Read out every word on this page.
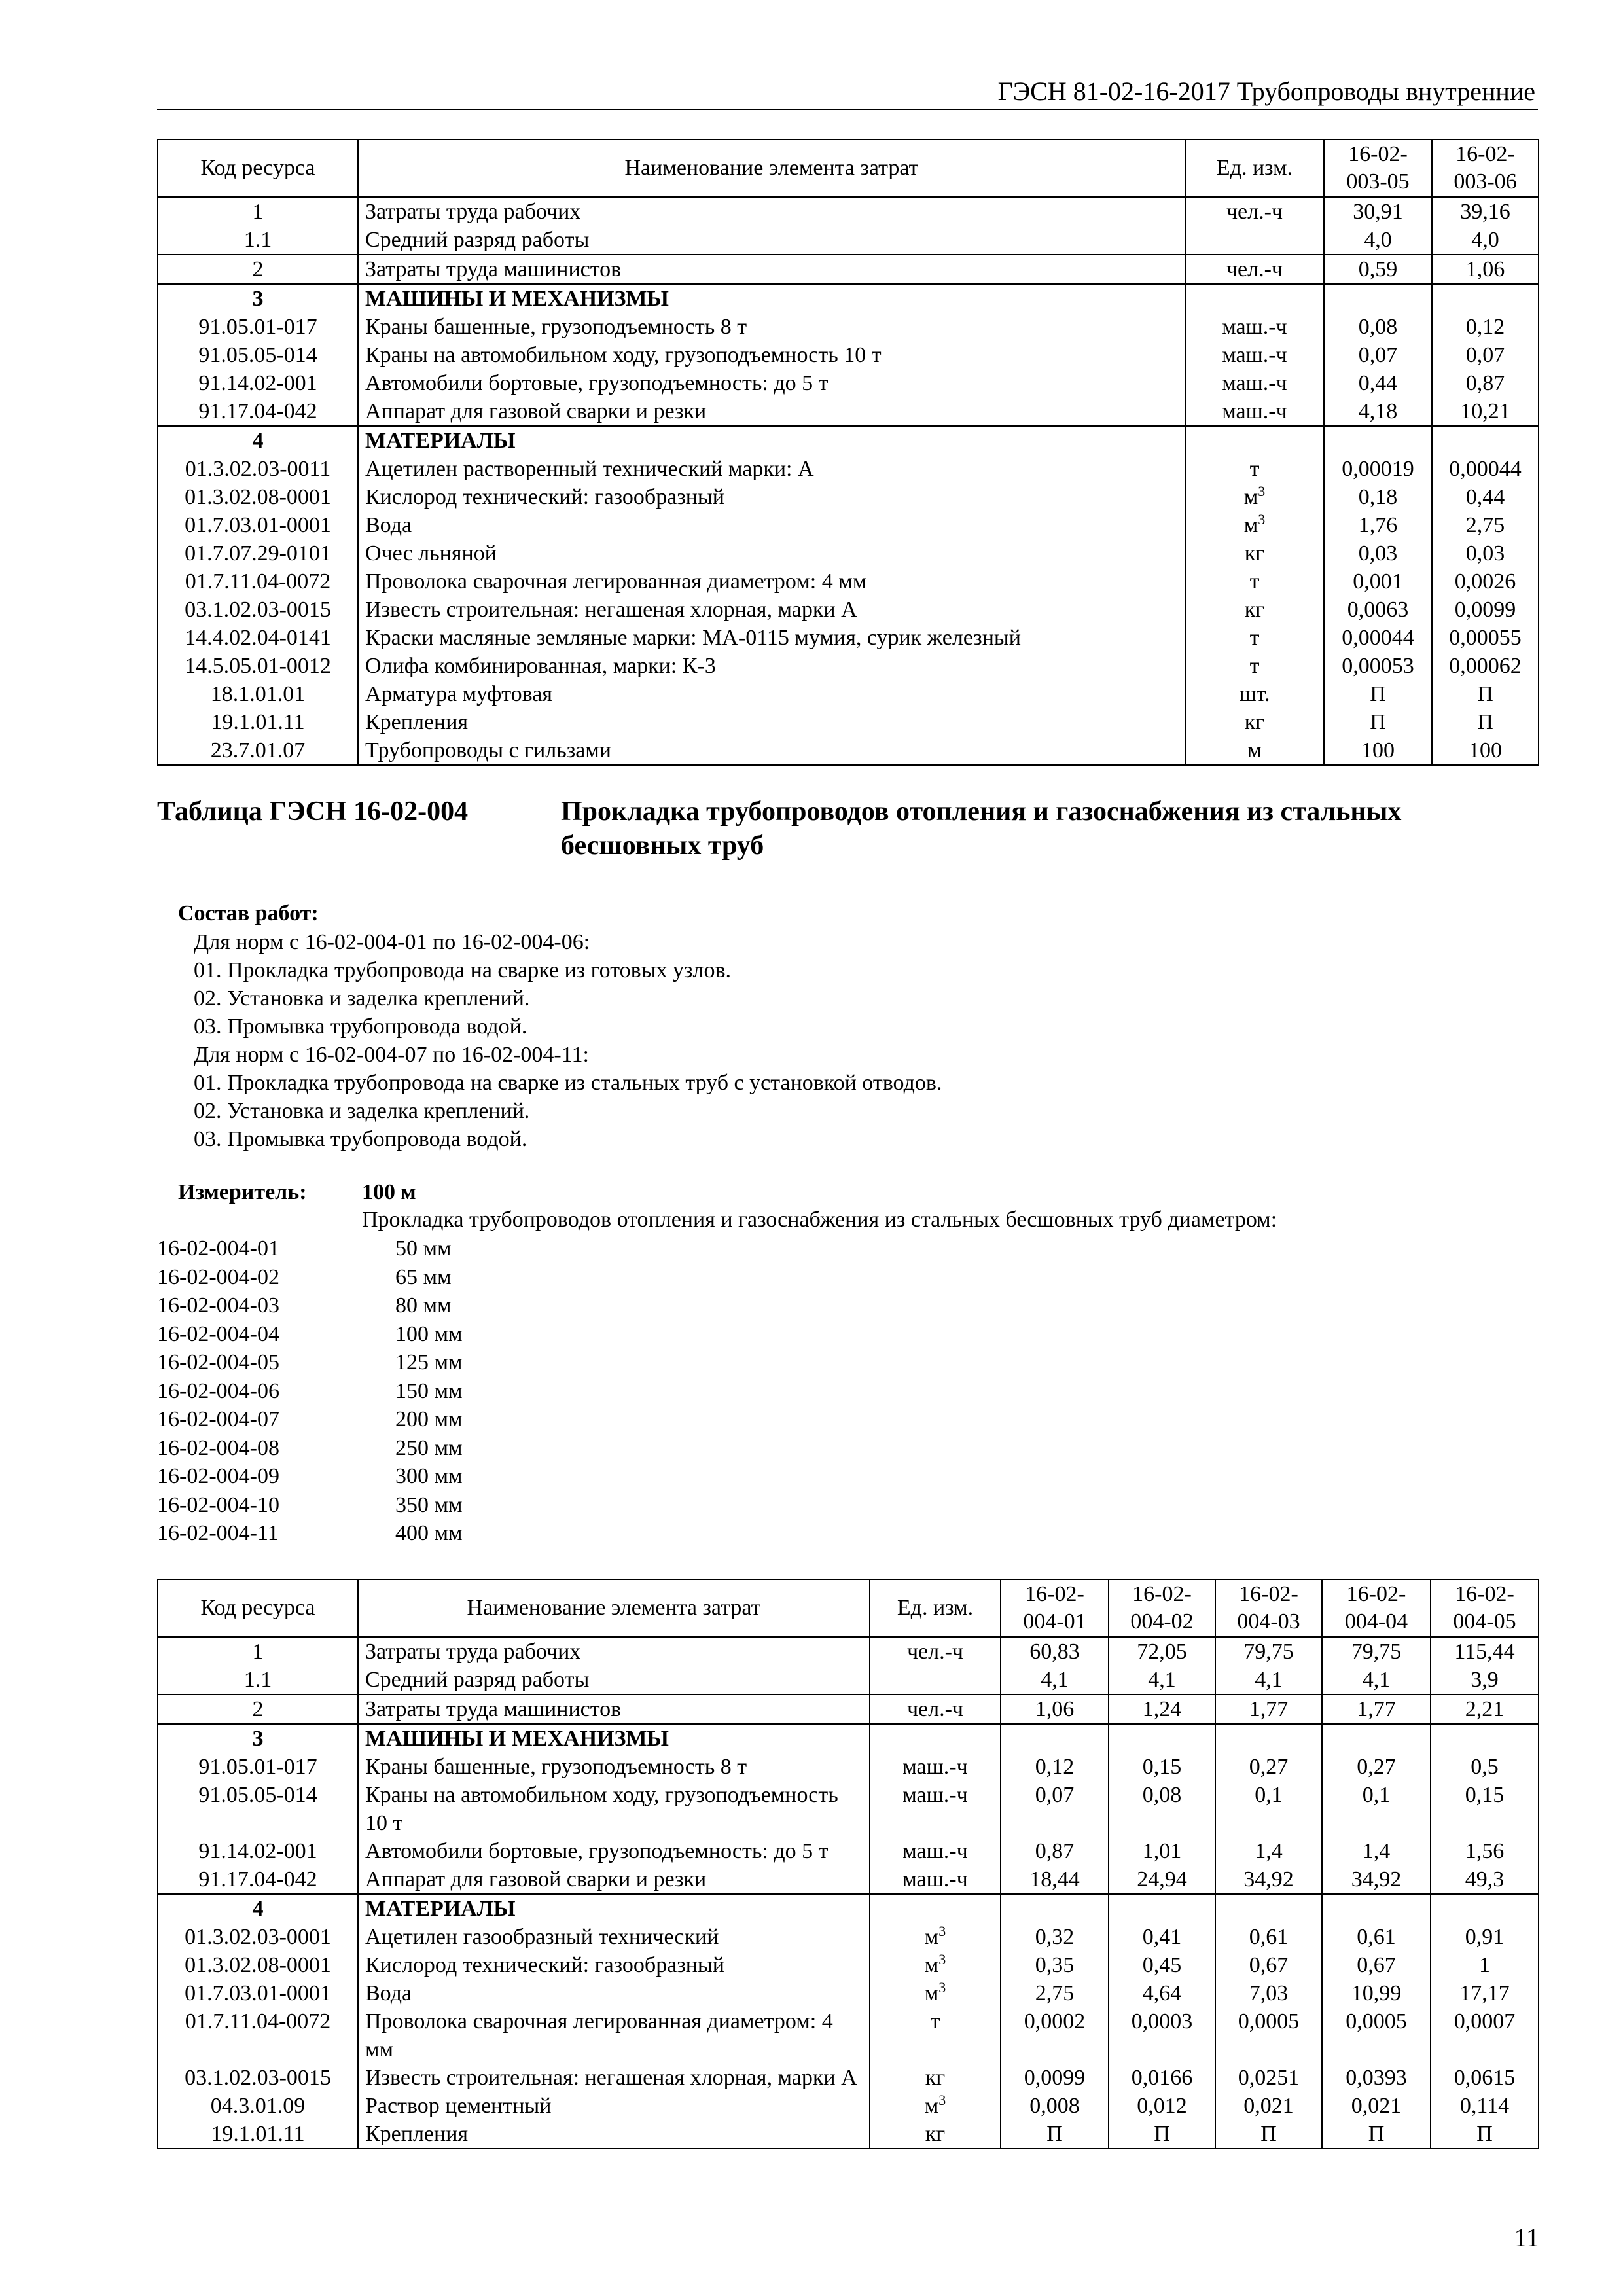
ГЭСН 81-02-16-2017 Трубопроводы внутренние
Код ресурса	Наименование элемента затрат	Ед. изм.	16-02-
003-05	16-02-
003-06
1	Затраты труда рабочих	чел.-ч	30,91	39,16
1.1	Средний разряд работы		4,0	4,0
2	Затраты труда машинистов	чел.-ч	0,59	1,06
3	МАШИНЫ И МЕХАНИЗМЫ			
91.05.01-017	Краны башенные, грузоподъемность 8 т	маш.-ч	0,08	0,12
91.05.05-014	Краны на автомобильном ходу, грузоподъемность 10 т	маш.-ч	0,07	0,07
91.14.02-001	Автомобили бортовые, грузоподъемность: до 5 т	маш.-ч	0,44	0,87
91.17.04-042	Аппарат для газовой сварки и резки	маш.-ч	4,18	10,21
4	МАТЕРИАЛЫ			
01.3.02.03-0011	Ацетилен растворенный технический марки: А	т	0,00019	0,00044
01.3.02.08-0001	Кислород технический: газообразный	$м^3$	0,18	0,44
01.7.03.01-0001	Вода	$м^3$	1,76	2,75
01.7.07.29-0101	Очес льняной	кг	0,03	0,03
01.7.11.04-0072	Проволока сварочная легированная диаметром: 4 мм	т	0,001	0,0026
03.1.02.03-0015	Известь строительная: негашеная хлорная, марки А	кг	0,0063	0,0099
14.4.02.04-0141	Краски масляные земляные марки: МА-0115 мумия, сурик железный	т	0,00044	0,00055
14.5.05.01-0012	Олифа комбинированная, марки: К-3	т	0,00053	0,00062
18.1.01.01	Арматура муфтовая	шт.	П	П
19.1.01.11	Крепления	кг	П	П
23.7.01.07	Трубопроводы с гильзами	м	100	100
Таблица ГЭСН 16-02-004	Прокладка трубопроводов отопления и газоснабжения из стальных бесшовных труб
Состав работ:
Для норм с 16-02-004-01 по 16-02-004-06:
01. Прокладка трубопровода на сварке из готовых узлов.
02. Установка и заделка креплений.
03. Промывка трубопровода водой.
Для норм с 16-02-004-07 по 16-02-004-11:
01. Прокладка трубопровода на сварке из стальных труб с установкой отводов.
02. Установка и заделка креплений.
03. Промывка трубопровода водой.
Измеритель: 100 м
Прокладка трубопроводов отопления и газоснабжения из стальных бесшовных труб диаметром:
16-02-004-01	50 мм
16-02-004-02	65 мм
16-02-004-03	80 мм
16-02-004-04	100 мм
16-02-004-05	125 мм
16-02-004-06	150 мм
16-02-004-07	200 мм
16-02-004-08	250 мм
16-02-004-09	300 мм
16-02-004-10	350 мм
16-02-004-11	400 мм
Код ресурса	Наименование элемента затрат	Ед. изм.	16-02-
004-01	16-02-
004-02	16-02-
004-03	16-02-
004-04	16-02-
004-05
1	Затраты труда рабочих	чел.-ч	60,83	72,05	79,75	79,75	115,44
1.1	Средний разряд работы		4,1	4,1	4,1	4,1	3,9
2	Затраты труда машинистов	чел.-ч	1,06	1,24	1,77	1,77	2,21
3	МАШИНЫ И МЕХАНИЗМЫ						
91.05.01-017	Краны башенные, грузоподъемность 8 т	маш.-ч	0,12	0,15	0,27	0,27	0,5
91.05.05-014	Краны на автомобильном ходу, грузоподъемность 10 т	маш.-ч	0,07	0,08	0,1	0,1	0,15
91.14.02-001	Автомобили бортовые, грузоподъемность: до 5 т	маш.-ч	0,87	1,01	1,4	1,4	1,56
91.17.04-042	Аппарат для газовой сварки и резки	маш.-ч	18,44	24,94	34,92	34,92	49,3
4	МАТЕРИАЛЫ						
01.3.02.03-0001	Ацетилен газообразный технический	$м^3$	0,32	0,41	0,61	0,61	0,91
01.3.02.08-0001	Кислород технический: газообразный	$м^3$	0,35	0,45	0,67	0,67	1
01.7.03.01-0001	Вода	$м^3$	2,75	4,64	7,03	10,99	17,17
01.7.11.04-0072	Проволока сварочная легированная диаметром: 4 мм	т	0,0002	0,0003	0,0005	0,0005	0,0007
03.1.02.03-0015	Известь строительная: негашеная хлорная, марки А	кг	0,0099	0,0166	0,0251	0,0393	0,0615
04.3.01.09	Раствор цементный	$м^3$	0,008	0,012	0,021	0,021	0,114
19.1.01.11	Крепления	кг	П	П	П	П	П
11
